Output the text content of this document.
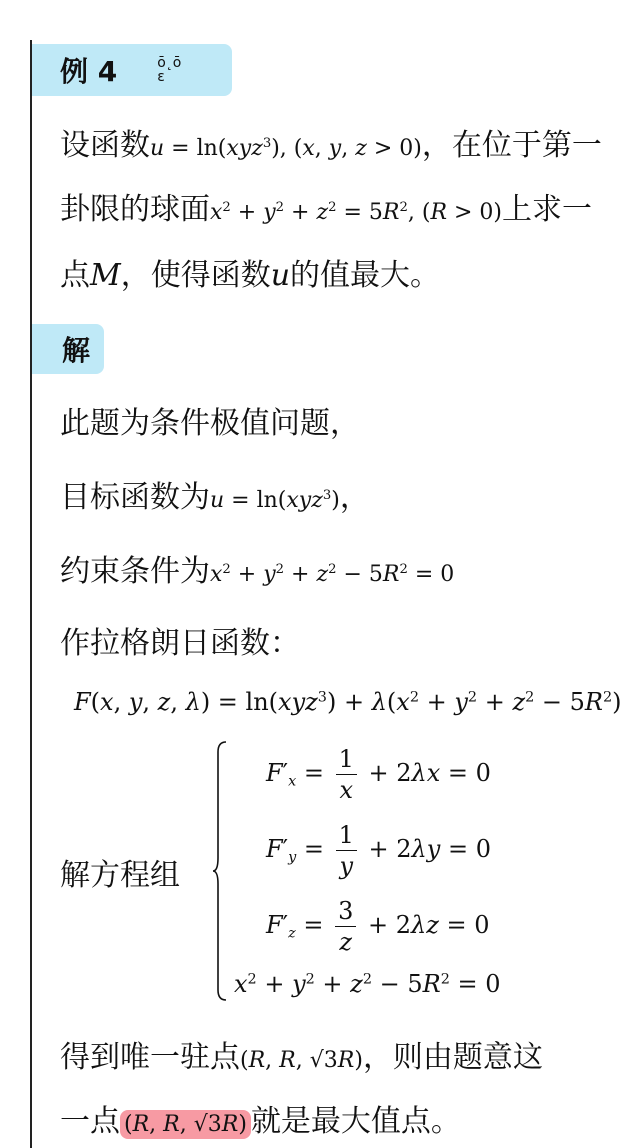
例 4	ō˛ō
ε
设函数u = ln(xyz$^3$), (x, y, z > 0)，在位于第一
卦限的球面$x^2 + y^2 + z^2 = 5R^2$, (R > 0)上求一
点M，使得函数u的值最大。
解
此题为条件极值问题，
目标函数为u = ln(xyz$^3$)，
约束条件为$x^2 + y^2 + z^2 - 5R^2 = 0$
作拉格朗日函数：
F(x, y, z, $\lambda) = \ln(xyz^3) + \lambda(x^2 + y^2 + z^2 - 5R^2)$
解方程组
$F'_x = \frac{1}{x} + 2\lambda x = 0$
$F'_y = \frac{1}{y} + 2\lambda y = 0$
$F'_z = \frac{3}{z} + 2\lambda z = 0$
$x^2 + y^2 + z^2 - 5R^2 = 0$
得到唯一驻点(R, R, √3R)，则由题意这
一点 (R, R, √3R) 就是最大值点。
